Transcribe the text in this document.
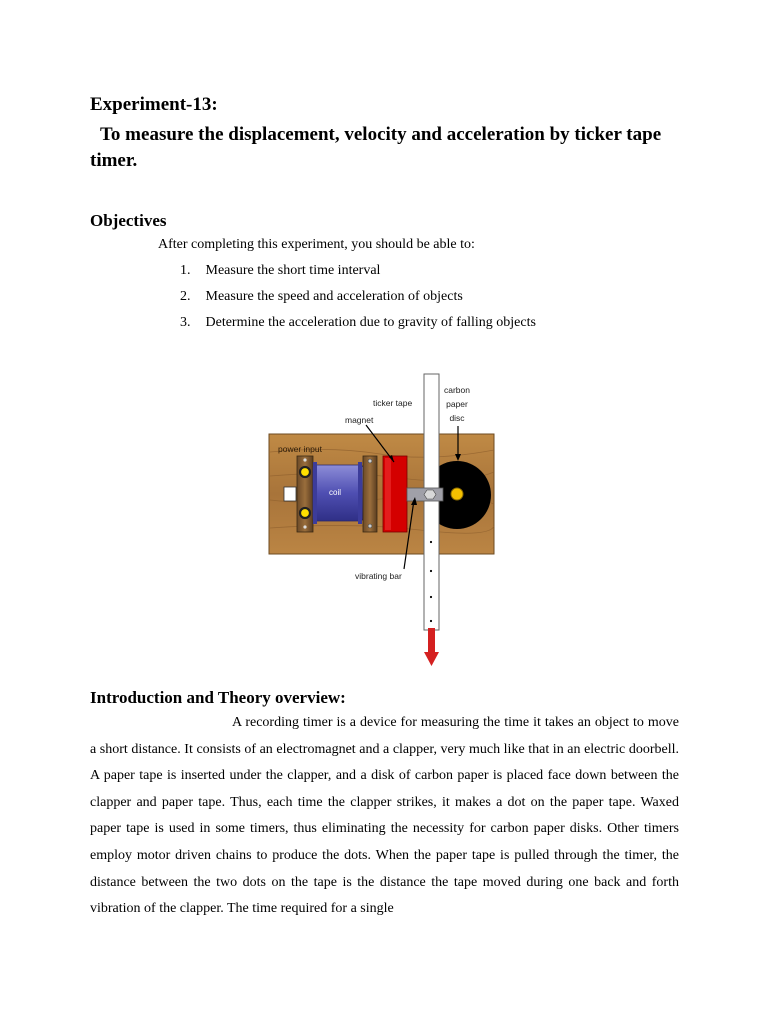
Experiment-13:
To measure the displacement, velocity and acceleration by ticker tape timer.
Objectives
After completing this experiment, you should be able to:
1. Measure the short time interval
2. Measure the speed and acceleration of objects
3. Determine the acceleration due to gravity of falling objects
ticker tape
magnet
power input
coil
carbon
paper
disc
vibrating bar
Introduction and Theory overview:
A recording timer is a device for measuring the time it takes an object to move a short distance. It consists of an electromagnet and a clapper, very much like that in an electric doorbell. A paper tape is inserted under the clapper, and a disk of carbon paper is placed face down between the clapper and paper tape. Thus, each time the clapper strikes, it makes a dot on the paper tape. Waxed paper tape is used in some timers, thus eliminating the necessity for carbon paper disks. Other timers employ motor driven chains to produce the dots. When the paper tape is pulled through the timer, the distance between the two dots on the tape is the distance the tape moved during one back and forth vibration of the clapper. The time required for a single
